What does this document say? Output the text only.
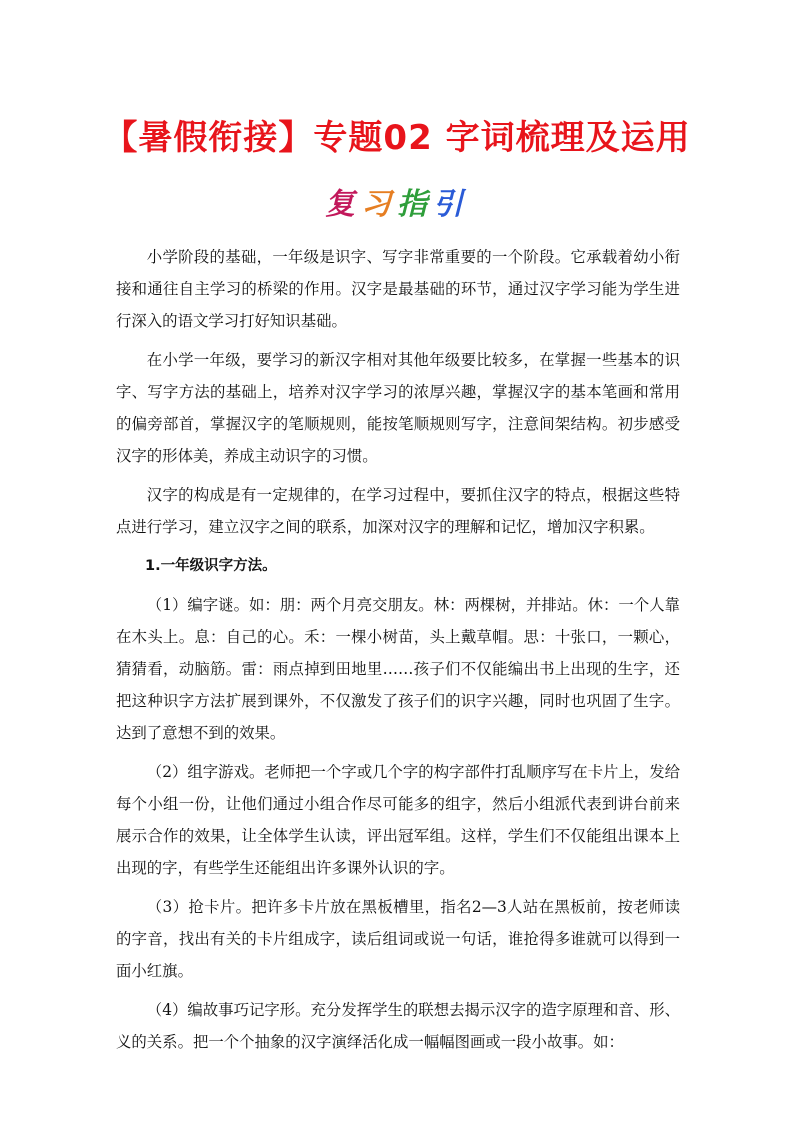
【暑假衔接】专题02 字词梳理及运用
复习指引

小学阶段的基础，一年级是识字、写字非常重要的一个阶段。它承载着幼小衔接和通往自主学习的桥梁的作用。汉字是最基础的环节，通过汉字学习能为学生进行深入的语文学习打好知识基础。

在小学一年级，要学习的新汉字相对其他年级要比较多，在掌握一些基本的识字、写字方法的基础上，培养对汉字学习的浓厚兴趣，掌握汉字的基本笔画和常用的偏旁部首，掌握汉字的笔顺规则，能按笔顺规则写字，注意间架结构。初步感受汉字的形体美，养成主动识字的习惯。

汉字的构成是有一定规律的，在学习过程中，要抓住汉字的特点，根据这些特点进行学习，建立汉字之间的联系，加深对汉字的理解和记忆，增加汉字积累。

1.一年级识字方法。

（1）编字谜。如：朋：两个月亮交朋友。林：两棵树，并排站。休：一个人靠在木头上。息：自己的心。禾：一棵小树苗，头上戴草帽。思：十张口，一颗心，猜猜看，动脑筋。雷：雨点掉到田地里……孩子们不仅能编出书上出现的生字，还把这种识字方法扩展到课外，不仅激发了孩子们的识字兴趣，同时也巩固了生字。达到了意想不到的效果。

（2）组字游戏。老师把一个字或几个字的构字部件打乱顺序写在卡片上，发给每个小组一份，让他们通过小组合作尽可能多的组字，然后小组派代表到讲台前来展示合作的效果，让全体学生认读，评出冠军组。这样，学生们不仅能组出课本上出现的字，有些学生还能组出许多课外认识的字。

（3）抢卡片。把许多卡片放在黑板槽里，指名2—3人站在黑板前，按老师读的字音，找出有关的卡片组成字，读后组词或说一句话，谁抢得多谁就可以得到一面小红旗。

（4）编故事巧记字形。充分发挥学生的联想去揭示汉字的造字原理和音、形、义的关系。把一个个抽象的汉字演绎活化成一幅幅图画或一段小故事。如：
